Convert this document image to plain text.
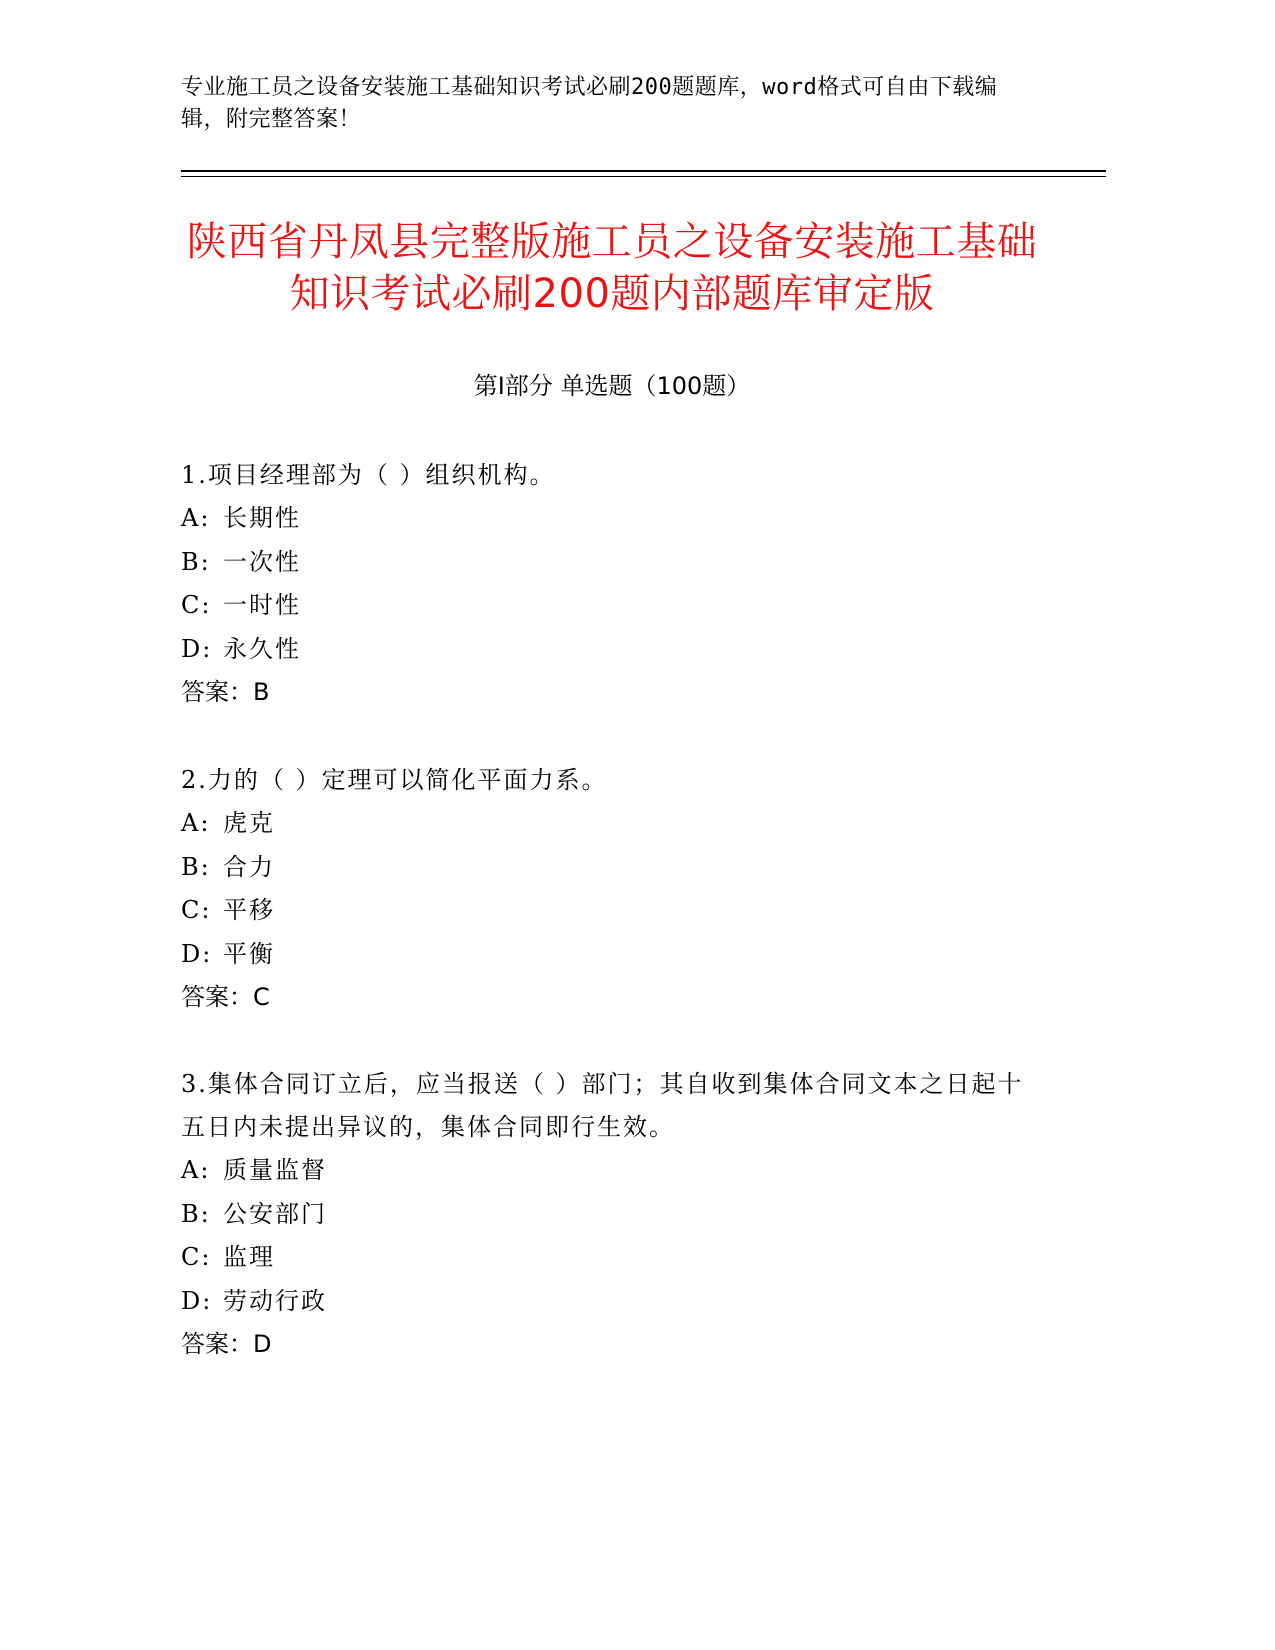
专业施工员之设备安装施工基础知识考试必刷200题题库，word格式可自由下载编辑，附完整答案！
陕西省丹凤县完整版施工员之设备安装施工基础知识考试必刷200题内部题库审定版
第Ⅰ部分 单选题（100题）
1.项目经理部为（ ）组织机构。
A: 长期性
B: 一次性
C: 一时性
D: 永久性
答案：B
2.力的（ ）定理可以简化平面力系。
A: 虎克
B: 合力
C: 平移
D: 平衡
答案：C
3.集体合同订立后，应当报送（ ）部门；其自收到集体合同文本之日起十五日内未提出异议的，集体合同即行生效。
A: 质量监督
B: 公安部门
C: 监理
D: 劳动行政
答案：D
